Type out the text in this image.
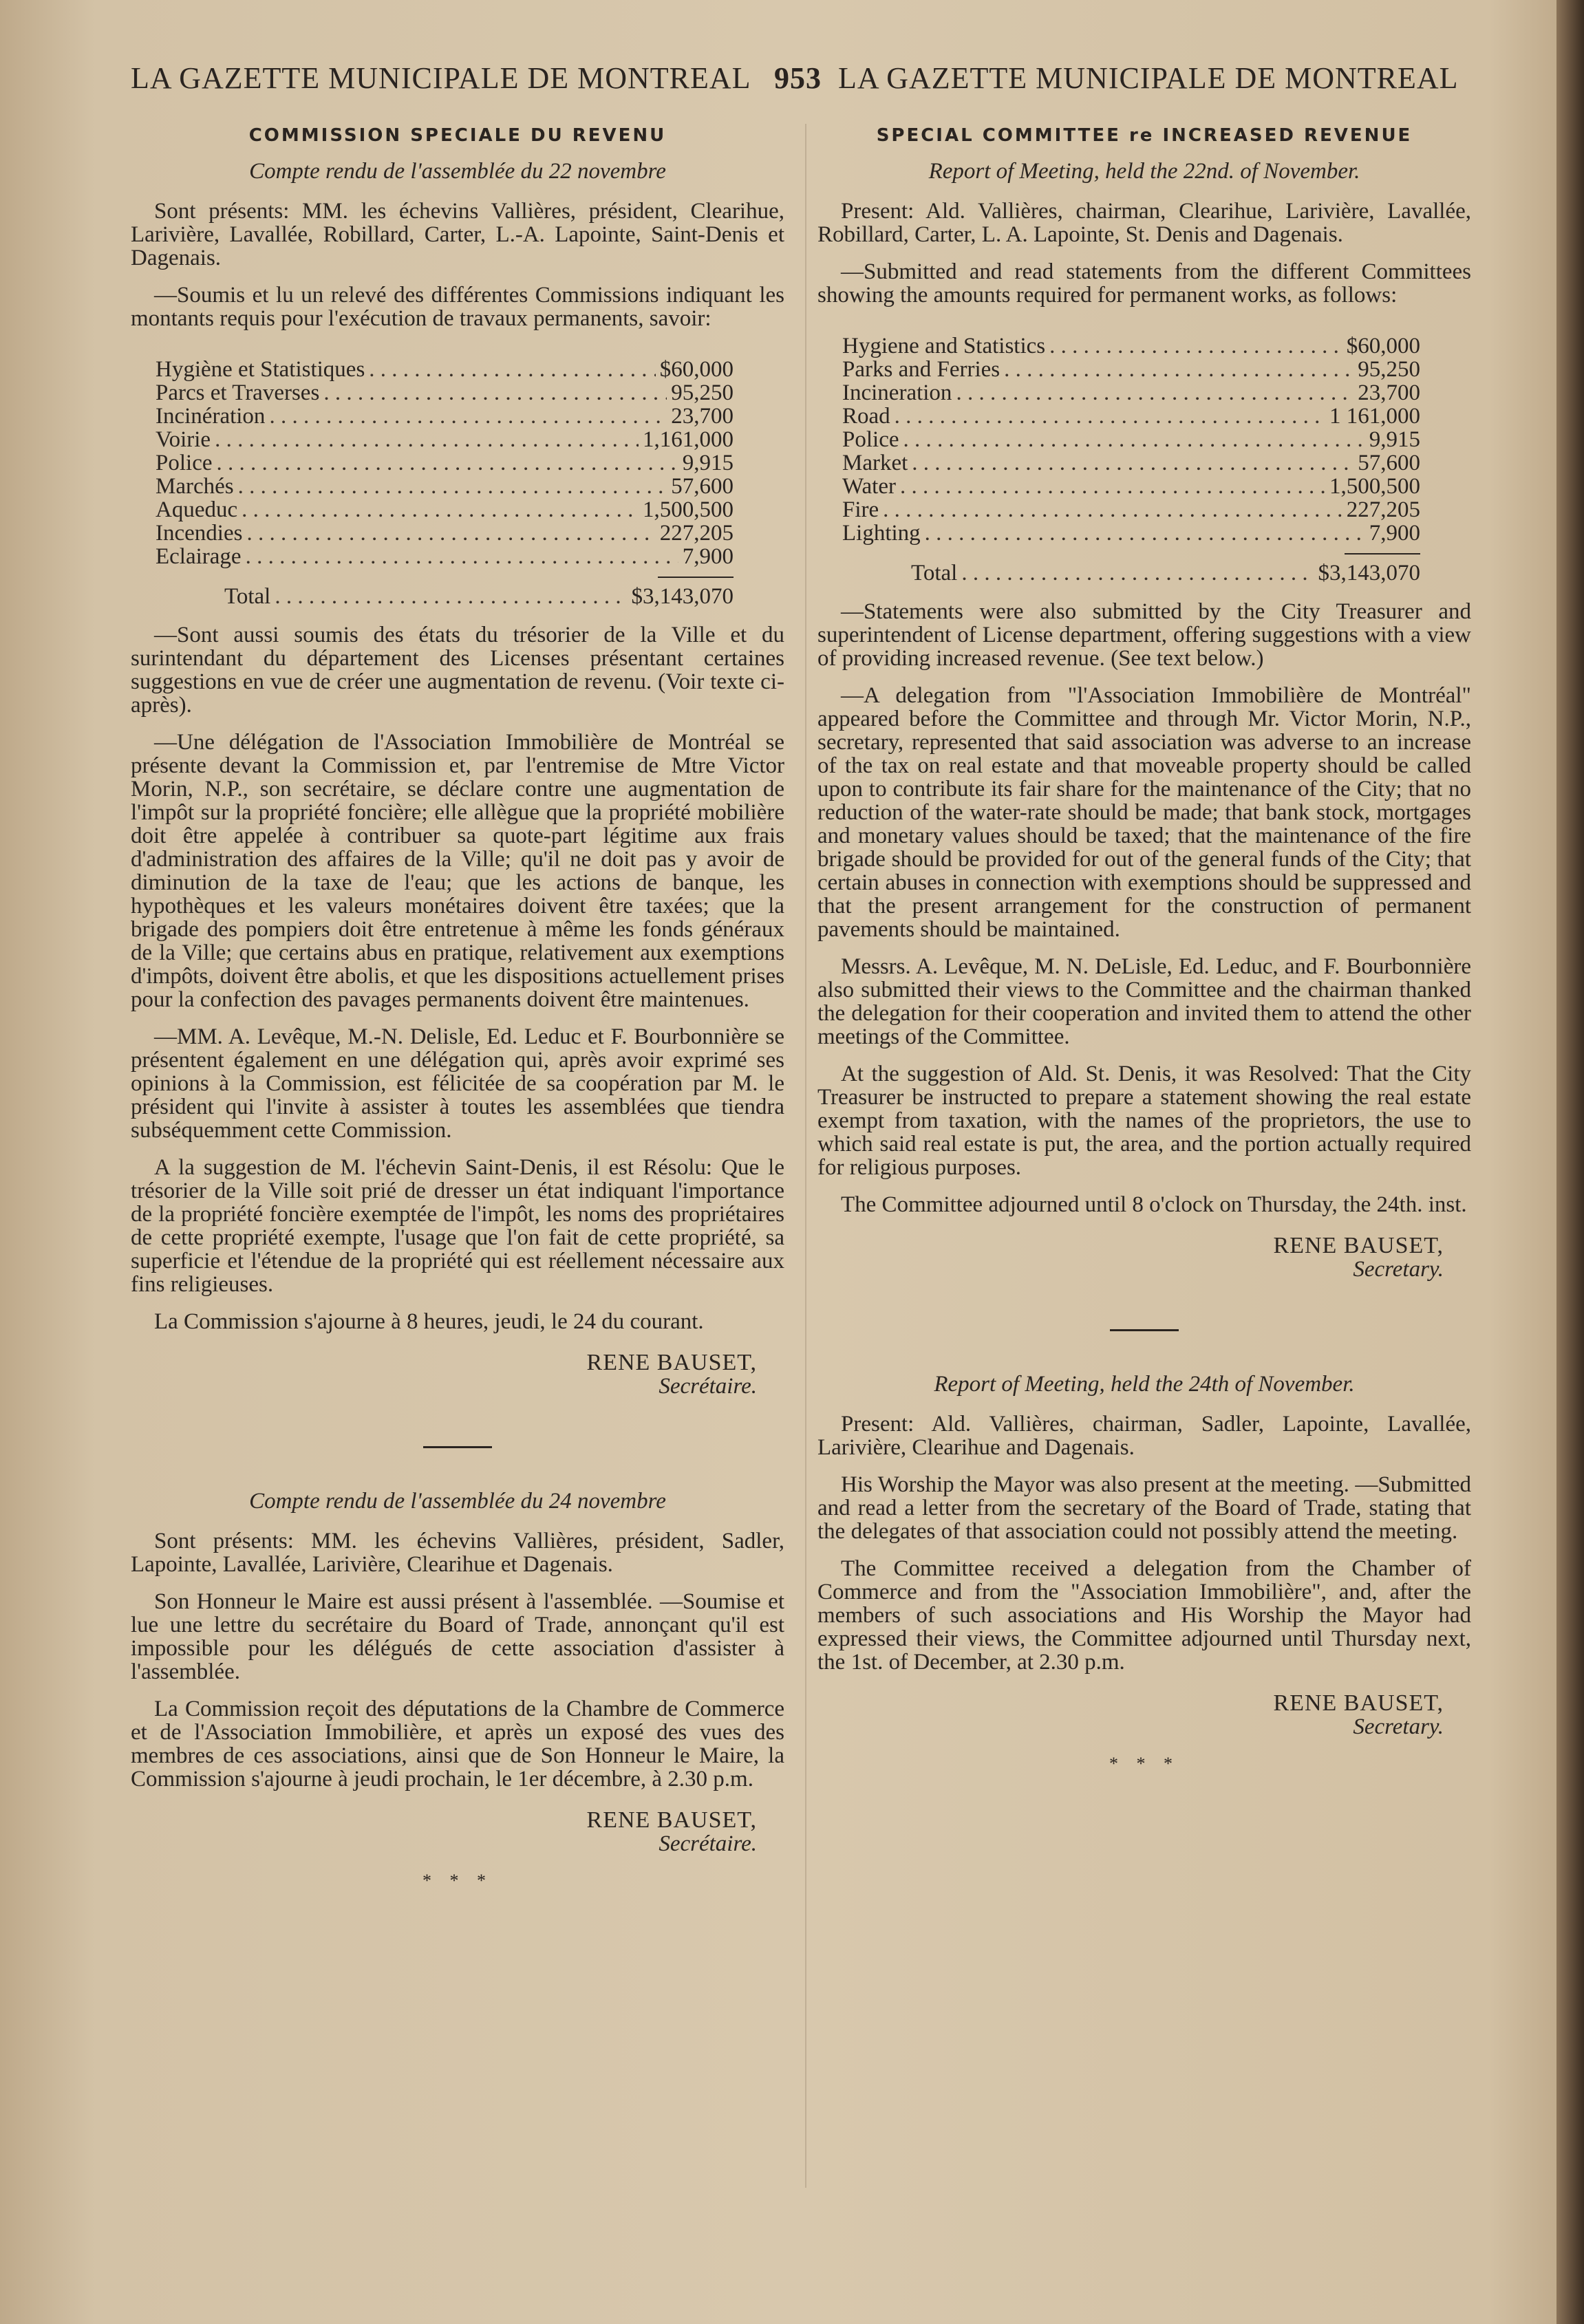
LA GAZETTE MUNICIPALE DE MONTREAL 953 LA GAZETTE MUNICIPALE DE MONTREAL
COMMISSION SPECIALE DU REVENU
Compte rendu de l'assemblée du 22 novembre

Sont présents: MM. les échevins Vallières, président, Clearihue, Larivière, Lavallée, Robillard, Carter, L.-A. Lapointe, Saint-Denis et Dagenais.

—Soumis et lu un relevé des différentes Commissions indiquant les montants requis pour l'exécution de travaux permanents, savoir:

Hygiène et Statistiques . . .	$60,000
Parcs et Traverses . . .	95,250
Incinération . . .	23,700
Voirie . . .	1,161,000
Police . . .	9,915
Marchés . . .	57,600
Aqueduc . . .	1,500,500
Incendies . . .	227,205
Eclairage . . .	7,900
Total . . .	$3,143,070

—Sont aussi soumis des états du trésorier de la Ville et du surintendant du département des Licenses présentant certaines suggestions en vue de créer une augmentation de revenu. (Voir texte ci-après).

—Une délégation de l'Association Immobilière de Montréal se présente devant la Commission et, par l'entremise de Mtre Victor Morin, N.P., son secrétaire, se déclare contre une augmentation de l'impôt sur la propriété foncière; elle allègue que la propriété mobilière doit être appelée à contribuer sa quote-part légitime aux frais d'administration des affaires de la Ville; qu'il ne doit pas y avoir de diminution de la taxe de l'eau; que les actions de banque, les hypothèques et les valeurs monétaires doivent être taxées; que la brigade des pompiers doit être entretenue à même les fonds généraux de la Ville; que certains abus en pratique, relativement aux exemptions d'impôts, doivent être abolis, et que les dispositions actuellement prises pour la confection des pavages permanents doivent être maintenues.

—MM. A. Levêque, M.-N. Delisle, Ed. Leduc et F. Bourbonnière se présentent également en une délégation qui, après avoir exprimé ses opinions à la Commission, est félicitée de sa coopération par M. le président qui l'invite à assister à toutes les assemblées que tiendra subséquemment cette Commission.

A la suggestion de M. l'échevin Saint-Denis, il est Résolu: Que le trésorier de la Ville soit prié de dresser un état indiquant l'importance de la propriété foncière exemptée de l'impôt, les noms des propriétaires de cette propriété exempte, l'usage que l'on fait de cette propriété, sa superficie et l'étendue de la propriété qui est réellement nécessaire aux fins religieuses.

La Commission s'ajourne à 8 heures, jeudi, le 24 du courant.

RENE BAUSET,
Secrétaire.
Compte rendu de l'assemblée du 24 novembre

Sont présents: MM. les échevins Vallières, président, Sadler, Lapointe, Lavallée, Larivière, Clearihue et Dagenais.

Son Honneur le Maire est aussi présent à l'assemblée. —Soumise et lue une lettre du secrétaire du Board of Trade, annonçant qu'il est impossible pour les délégués de cette association d'assister à l'assemblée.

La Commission reçoit des députations de la Chambre de Commerce et de l'Association Immobilière, et après un exposé des vues des membres de ces associations, ainsi que de Son Honneur le Maire, la Commission s'ajourne à jeudi prochain, le 1er décembre, à 2.30 p.m.

RENE BAUSET,
Secrétaire.
* * *
SPECIAL COMMITTEE re INCREASED REVENUE
Report of Meeting, held the 22nd. of November.

Present: Ald. Vallières, chairman, Clearihue, Larivière, Lavallée, Robillard, Carter, L. A. Lapointe, St. Denis and Dagenais.

—Submitted and read statements from the different Committees showing the amounts required for permanent works, as follows:

Hygiene and Statistics . . .	$60,000
Parks and Ferries . . .	95,250
Incineration . . .	23,700
Road . . .	1 161,000
Police . . .	9,915
Market . . .	57,600
Water . . .	1,500,500
Fire . . .	227,205
Lighting . . .	7,900
Total . . .	$3,143,070

—Statements were also submitted by the City Treasurer and superintendent of License department, offering suggestions with a view of providing increased revenue. (See text below.)

—A delegation from "l'Association Immobilière de Montréal" appeared before the Committee and through Mr. Victor Morin, N.P., secretary, represented that said association was adverse to an increase of the tax on real estate and that moveable property should be called upon to contribute its fair share for the maintenance of the City; that no reduction of the water-rate should be made; that bank stock, mortgages and monetary values should be taxed; that the maintenance of the fire brigade should be provided for out of the general funds of the City; that certain abuses in connection with exemptions should be suppressed and that the present arrangement for the construction of permanent pavements should be maintained.

Messrs. A. Levêque, M. N. DeLisle, Ed. Leduc, and F. Bourbonnière also submitted their views to the Committee and the chairman thanked the delegation for their cooperation and invited them to attend the other meetings of the Committee.

At the suggestion of Ald. St. Denis, it was Resolved: That the City Treasurer be instructed to prepare a statement showing the real estate exempt from taxation, with the names of the proprietors, the use to which said real estate is put, the area, and the portion actually required for religious purposes.

The Committee adjourned until 8 o'clock on Thursday, the 24th. inst.

RENE BAUSET,
Secretary.
Report of Meeting, held the 24th of November.

Present: Ald. Vallières, chairman, Sadler, Lapointe, Lavallée, Larivière, Clearihue and Dagenais.

His Worship the Mayor was also present at the meeting. —Submitted and read a letter from the secretary of the Board of Trade, stating that the delegates of that association could not possibly attend the meeting.

The Committee received a delegation from the Chamber of Commerce and from the "Association Immobilière", and, after the members of such associations and His Worship the Mayor had expressed their views, the Committee adjourned until Thursday next, the 1st. of December, at 2.30 p.m.

RENE BAUSET,
Secretary.
* * *
